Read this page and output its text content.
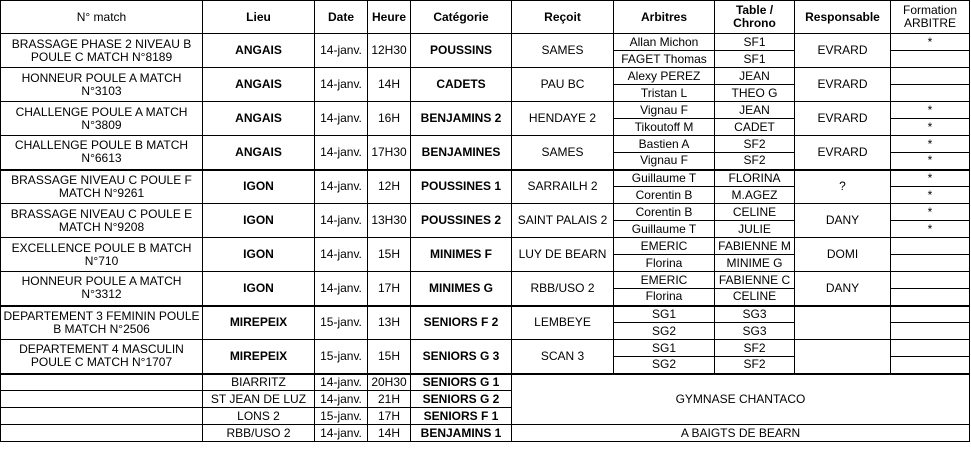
N° match	Lieu	Date	Heure	Catégorie	Reçoit	Arbitres	Table / Chrono	Responsable	Formation ARBITRE
BRASSAGE PHASE 2 NIVEAU B POULE C MATCH N°8189	ANGAIS	14-janv.	12H30	POUSSINS	SAMES	Allan Michon	SF1	EVRARD	*
						FAGET Thomas	SF1		
HONNEUR POULE A MATCH N°3103	ANGAIS	14-janv.	14H	CADETS	PAU BC	Alexy PEREZ	JEAN	EVRARD	
						Tristan L	THEO G		
CHALLENGE POULE A MATCH N°3809	ANGAIS	14-janv.	16H	BENJAMINS 2	HENDAYE 2	Vignau F	JEAN	EVRARD	*
						Tikoutoff M	CADET		*
CHALLENGE POULE B MATCH N°6613	ANGAIS	14-janv.	17H30	BENJAMINES	SAMES	Bastien A	SF2	EVRARD	*
						Vignau F	SF2		*
BRASSAGE NIVEAU C POULE F MATCH N°9261	IGON	14-janv.	12H	POUSSINES 1	SARRAILH 2	Guillaume T	FLORINA	?	*
						Corentin B	M.AGEZ		*
BRASSAGE NIVEAU C POULE E MATCH N°9208	IGON	14-janv.	13H30	POUSSINES 2	SAINT PALAIS 2	Corentin B	CELINE	DANY	*
						Guillaume T	JULIE		*
EXCELLENCE POULE B MATCH N°710	IGON	14-janv.	15H	MINIMES F	LUY DE BEARN	EMERIC	FABIENNE M	DOMI	
						Florina	MINIME G		
HONNEUR POULE A MATCH N°3312	IGON	14-janv.	17H	MINIMES G	RBB/USO 2	EMERIC	FABIENNE C	DANY	
						Florina	CELINE		
DEPARTEMENT 3 FEMININ POULE B MATCH N°2506	MIREPEIX	15-janv.	13H	SENIORS F 2	LEMBEYE	SG1	SG3		
						SG2	SG3		
DEPARTEMENT 4 MASCULIN POULE C MATCH N°1707	MIREPEIX	15-janv.	15H	SENIORS G 3	SCAN 3	SG1	SF2		
						SG2	SF2		
	BIARRITZ	14-janv.	20H30	SENIORS G 1	GYMNASE CHANTACO				
	ST JEAN DE LUZ	14-janv.	21H	SENIORS G 2					
	LONS 2	15-janv.	17H	SENIORS F 1					
	RBB/USO 2	14-janv.	14H	BENJAMINS 1	A BAIGTS DE BEARN				
